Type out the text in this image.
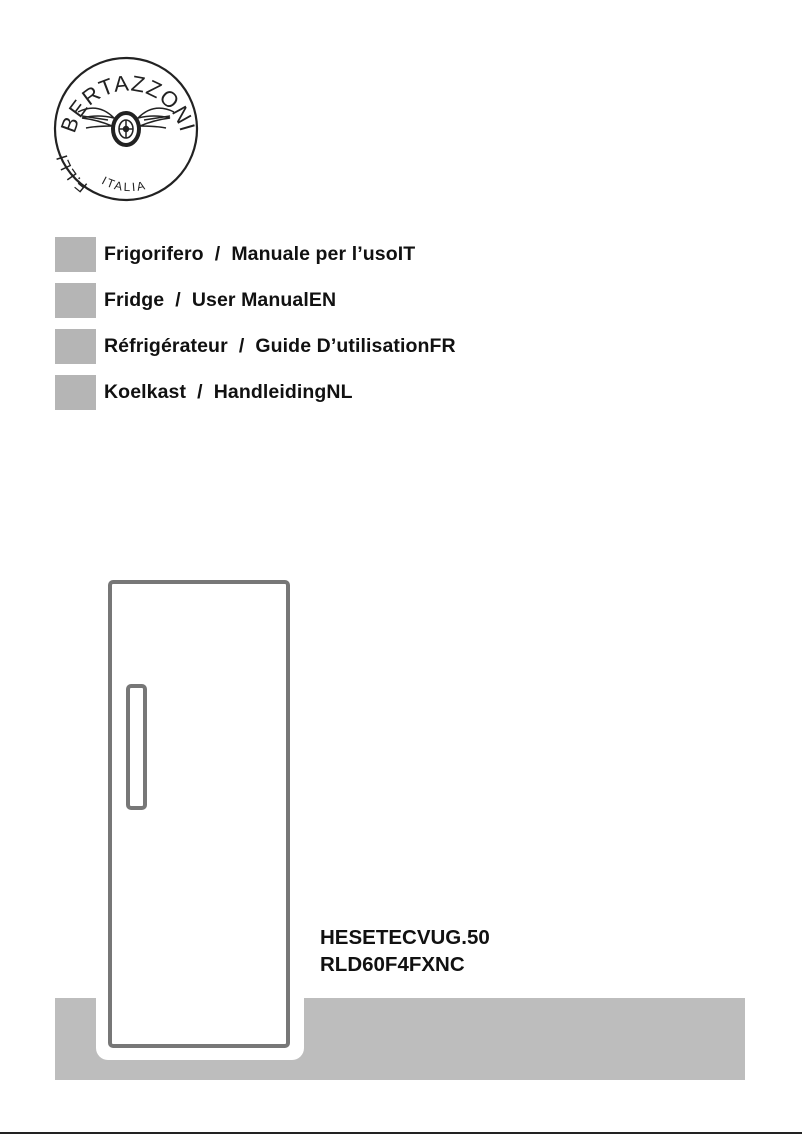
BERTAZZONI
F.LLI
ITALIA
Frigorifero / Manuale per l’usoIT
Fridge / User ManualEN
Réfrigérateur / Guide D’utilisationFR
Koelkast / HandleidingNL
HESETECVUG.50
RLD60F4FXNC
